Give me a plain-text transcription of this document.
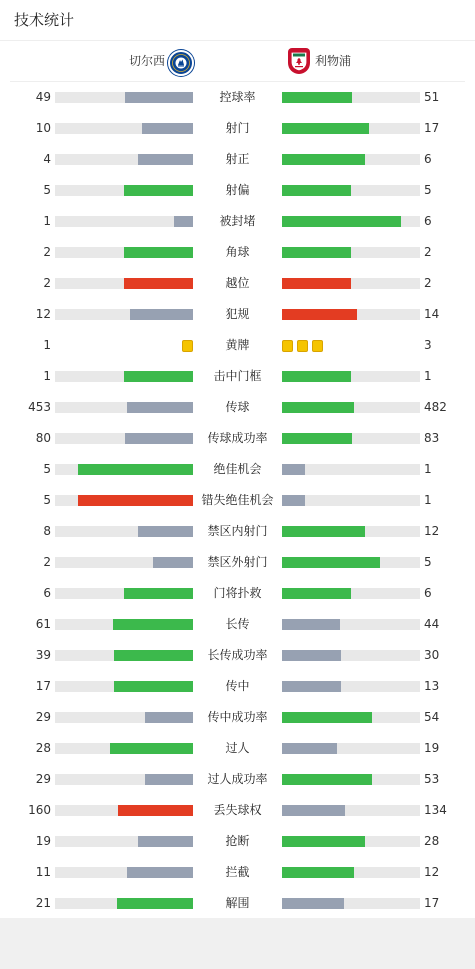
技术统计
切尔西	利物浦
49	控球率	51
10	射门	17
4	射正	6
5	射偏	5
1	被封堵	6
2	角球	2
2	越位	2
12	犯规	14
1	黄牌	3
1	击中门框	1
453	传球	482
80	传球成功率	83
5	绝佳机会	1
5	错失绝佳机会	1
8	禁区内射门	12
2	禁区外射门	5
6	门将扑救	6
61	长传	44
39	长传成功率	30
17	传中	13
29	传中成功率	54
28	过人	19
29	过人成功率	53
160	丢失球权	134
19	抢断	28
11	拦截	12
21	解围	17
